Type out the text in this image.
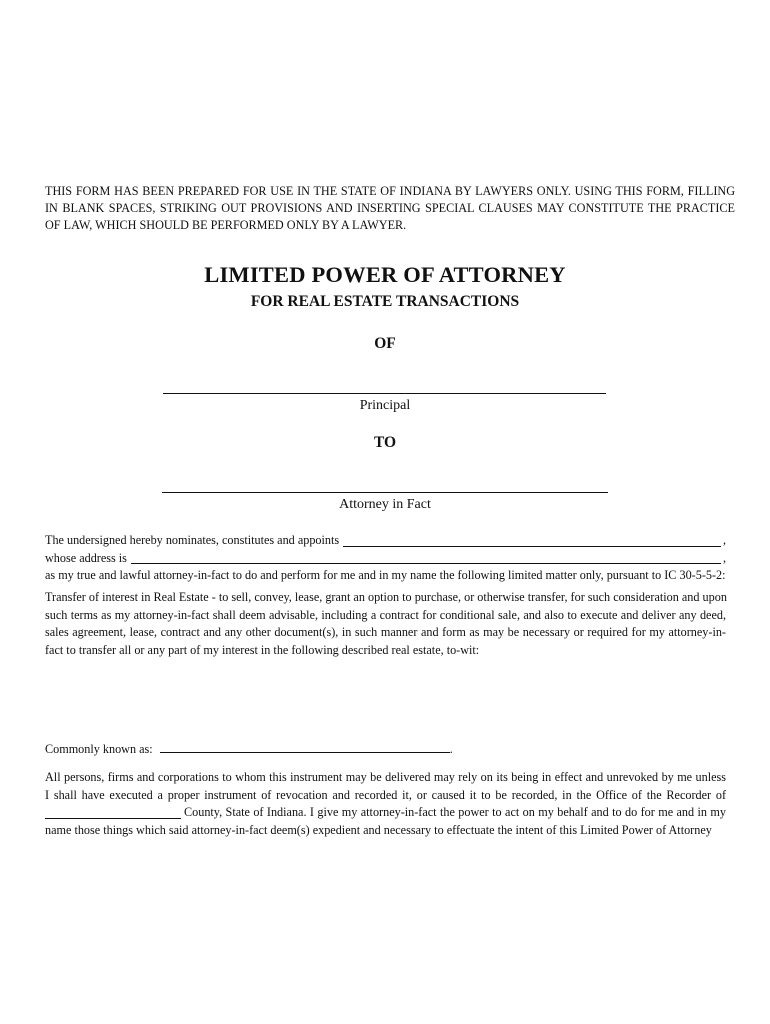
THIS FORM HAS BEEN PREPARED FOR USE IN THE STATE OF INDIANA BY LAWYERS ONLY. USING THIS FORM, FILLING IN BLANK SPACES, STRIKING OUT PROVISIONS AND INSERTING SPECIAL CLAUSES MAY CONSTITUTE THE PRACTICE OF LAW, WHICH SHOULD BE PERFORMED ONLY BY A LAWYER.
LIMITED POWER OF ATTORNEY
FOR REAL ESTATE TRANSACTIONS
OF
Principal
TO
Attorney in Fact
The undersigned hereby nominates, constitutes and appoints	,
whose address is	,
as my true and lawful attorney-in-fact to do and perform for me and in my name the following limited matter only, pursuant to IC 30-5-5-2:
Transfer of interest in Real Estate - to sell, convey, lease, grant an option to purchase, or otherwise transfer, for such consideration and upon
such terms as my attorney-in-fact shall deem advisable, including a contract for conditional sale, and also to execute and deliver any deed,
sales agreement, lease, contract and any other document(s), in such manner and form as may be necessary or required for my attorney-in-
fact to transfer all or any part of my interest in the following described real estate, to-wit:
Commonly known as:	.
All persons, firms and corporations to whom this instrument may be delivered may rely on its being in effect and unrevoked by me unless
I shall have executed a proper instrument of revocation and recorded it, or caused it to be recorded, in the Office of the Recorder of
County, State of Indiana. I give my attorney-in-fact the power to act on my behalf and to do for me and in my
name those things which said attorney-in-fact deem(s) expedient and necessary to effectuate the intent of this Limited Power of Attorney
